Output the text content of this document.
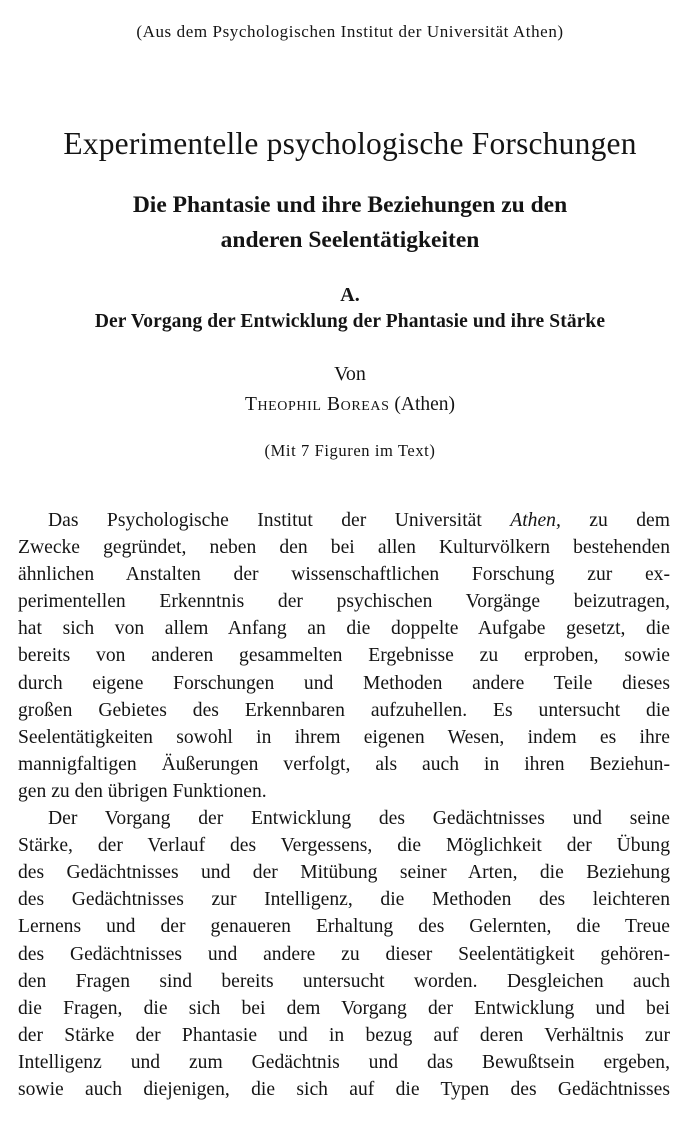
(Aus dem Psychologischen Institut der Universität Athen)
Experimentelle psychologische Forschungen
Die Phantasie und ihre Beziehungen zu den
anderen Seelentätigkeiten
A.
Der Vorgang der Entwicklung der Phantasie und ihre Stärke
Von
Theophil Boreas (Athen)
(Mit 7 Figuren im Text)
Das Psychologische Institut der Universität Athen, zu dem
Zwecke gegründet, neben den bei allen Kulturvölkern bestehenden
ähnlichen Anstalten der wissenschaftlichen Forschung zur ex-
perimentellen Erkenntnis der psychischen Vorgänge beizutragen,
hat sich von allem Anfang an die doppelte Aufgabe gesetzt, die
bereits von anderen gesammelten Ergebnisse zu erproben, sowie
durch eigene Forschungen und Methoden andere Teile dieses
großen Gebietes des Erkennbaren aufzuhellen. Es untersucht die
Seelentätigkeiten sowohl in ihrem eigenen Wesen, indem es ihre
mannigfaltigen Äußerungen verfolgt, als auch in ihren Beziehun-
gen zu den übrigen Funktionen.
Der Vorgang der Entwicklung des Gedächtnisses und seine
Stärke, der Verlauf des Vergessens, die Möglichkeit der Übung
des Gedächtnisses und der Mitübung seiner Arten, die Beziehung
des Gedächtnisses zur Intelligenz, die Methoden des leichteren
Lernens und der genaueren Erhaltung des Gelernten, die Treue
des Gedächtnisses und andere zu dieser Seelentätigkeit gehören-
den Fragen sind bereits untersucht worden. Desgleichen auch
die Fragen, die sich bei dem Vorgang der Entwicklung und bei
der Stärke der Phantasie und in bezug auf deren Verhältnis zur
Intelligenz und zum Gedächtnis und das Bewußtsein ergeben,
sowie auch diejenigen, die sich auf die Typen des Gedächtnisses
